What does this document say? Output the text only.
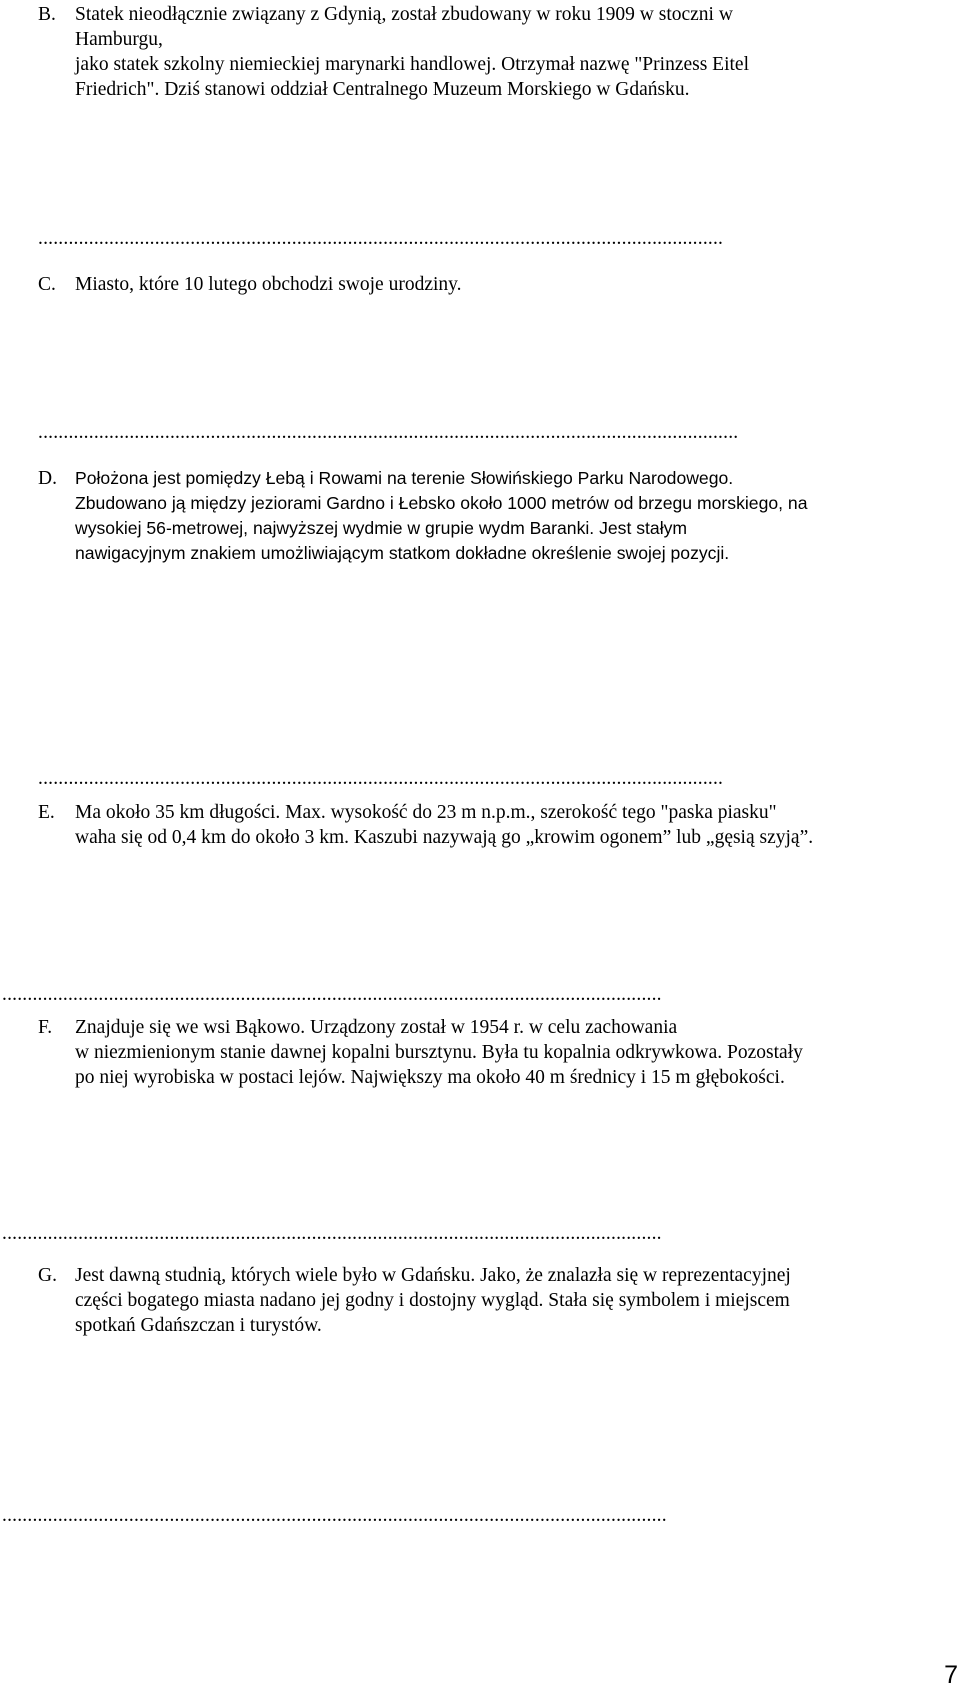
B. Statek nieodłącznie związany z Gdynią, został zbudowany w roku 1909 w stoczni w
Hamburgu,
jako statek szkolny niemieckiej marynarki handlowej. Otrzymał nazwę "Prinzess Eitel
Friedrich". Dziś stanowi oddział Centralnego Muzeum Morskiego w Gdańsku.
.......................................................................................................................................
C. Miasto, które 10 lutego obchodzi swoje urodziny.
..........................................................................................................................................
D.	Położona jest pomiędzy Łebą i Rowami na terenie Słowińskiego Parku Narodowego.
Zbudowano ją między jeziorami Gardno i Łebsko około 1000 metrów od brzegu morskiego, na
wysokiej 56-metrowej, najwyższej wydmie w grupie wydm Baranki. Jest stałym
nawigacyjnym znakiem umożliwiającym statkom dokładne określenie swojej pozycji.
.......................................................................................................................................
E.	Ma około 35 km długości. Max. wysokość do 23 m n.p.m., szerokość tego "paska piasku"
waha się od 0,4 km do około 3 km. Kaszubi nazywają go „krowim ogonem” lub „gęsią szyją”.
..................................................................................................................................
F.	Znajduje się we wsi Bąkowo. Urządzony został w 1954 r. w celu zachowania
w niezmienionym stanie dawnej kopalni bursztynu. Była tu kopalnia odkrywkowa. Pozostały
po niej wyrobiska w postaci lejów. Największy ma około 40 m średnicy i 15 m głębokości.
..................................................................................................................................
G. Jest dawną studnią, których wiele było w Gdańsku. Jako, że znalazła się w reprezentacyjnej
części bogatego miasta nadano jej godny i dostojny wygląd. Stała się symbolem i miejscem
spotkań Gdańszczan i turystów.
...................................................................................................................................
7
